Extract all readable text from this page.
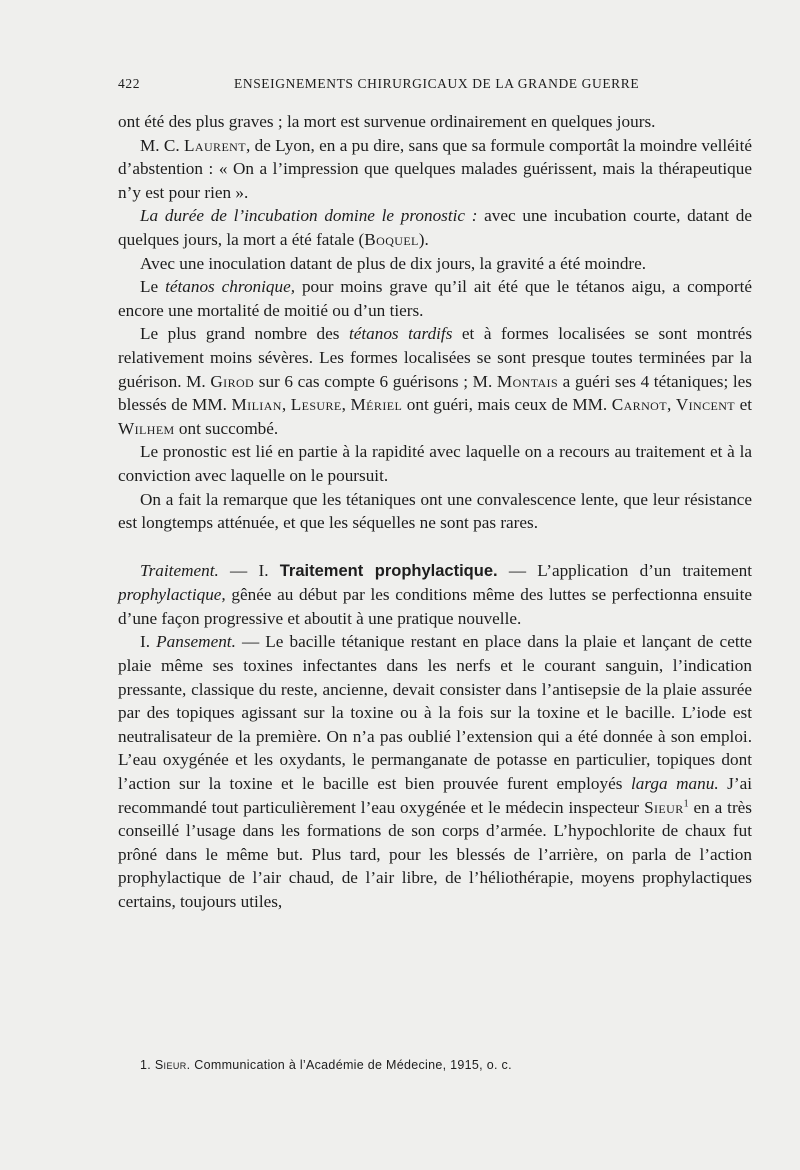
422	ENSEIGNEMENTS CHIRURGICAUX DE LA GRANDE GUERRE

ont été des plus graves ; la mort est survenue ordinairement en quelques jours.

M. C. Laurent, de Lyon, en a pu dire, sans que sa formule comportât la moindre velléité d’abstention : « On a l’impression que quelques malades guérissent, mais la thérapeutique n’y est pour rien ».

La durée de l’incubation domine le pronostic : avec une incubation courte, datant de quelques jours, la mort a été fatale (Boquel).

Avec une inoculation datant de plus de dix jours, la gravité a été moindre.

Le tétanos chronique, pour moins grave qu’il ait été que le tétanos aigu, a comporté encore une mortalité de moitié ou d’un tiers.

Le plus grand nombre des tétanos tardifs et à formes localisées se sont montrés relativement moins sévères. Les formes localisées se sont presque toutes terminées par la guérison. M. Girod sur 6 cas compte 6 guérisons ; M. Montais a guéri ses 4 tétaniques; les blessés de MM. Milian, Lesure, Mériel ont guéri, mais ceux de MM. Carnot, Vincent et Wilhem ont succombé.

Le pronostic est lié en partie à la rapidité avec laquelle on a recours au traitement et à la conviction avec laquelle on le poursuit.

On a fait la remarque que les tétaniques ont une convalescence lente, que leur résistance est longtemps atténuée, et que les séquelles ne sont pas rares.

Traitement. — I. Traitement prophylactique. — L’application d’un traitement prophylactique, gênée au début par les conditions même des luttes se perfectionna ensuite d’une façon progressive et aboutit à une pratique nouvelle.

I. Pansement. — Le bacille tétanique restant en place dans la plaie et lançant de cette plaie même ses toxines infectantes dans les nerfs et le courant sanguin, l’indication pressante, classique du reste, ancienne, devait consister dans l’antisepsie de la plaie assurée par des topiques agissant sur la toxine ou à la fois sur la toxine et le bacille. L’iode est neutralisateur de la première. On n’a pas oublié l’extension qui a été donnée à son emploi. L’eau oxygénée et les oxydants, le permanganate de potasse en particulier, topiques dont l’action sur la toxine et le bacille est bien prouvée furent employés larga manu. J’ai recommandé tout particulièrement l’eau oxygénée et le médecin inspecteur Sieur$^1$ en a très conseillé l’usage dans les formations de son corps d’armée. L’hypochlorite de chaux fut prôné dans le même but. Plus tard, pour les blessés de l’arrière, on parla de l’action prophylactique de l’air chaud, de l’air libre, de l’héliothérapie, moyens prophylactiques certains, toujours utiles,

1. Sieur. Communication à l’Académie de Médecine, 1915, o. c.
